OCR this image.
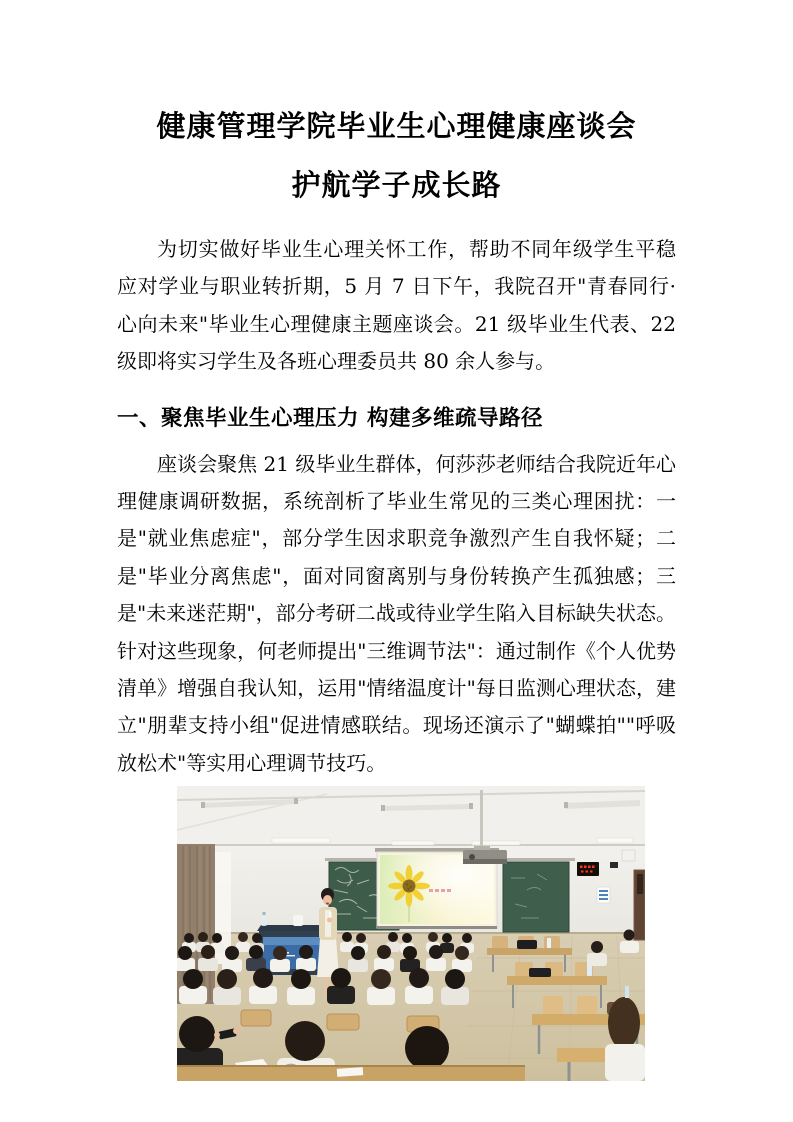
健康管理学院毕业生心理健康座谈会
护航学子成长路

为切实做好毕业生心理关怀工作，帮助不同年级学生平稳应对学业与职业转折期，5 月 7 日下午，我院召开"青春同行·心向未来"毕业生心理健康主题座谈会。21 级毕业生代表、22 级即将实习学生及各班心理委员共 80 余人参与。

一、聚焦毕业生心理压力 构建多维疏导路径

座谈会聚焦 21 级毕业生群体，何莎莎老师结合我院近年心理健康调研数据，系统剖析了毕业生常见的三类心理困扰：一是"就业焦虑症"，部分学生因求职竞争激烈产生自我怀疑；二是"毕业分离焦虑"，面对同窗离别与身份转换产生孤独感；三是"未来迷茫期"，部分考研二战或待业学生陷入目标缺失状态。针对这些现象，何老师提出"三维调节法"：通过制作《个人优势清单》增强自我认知，运用"情绪温度计"每日监测心理状态，建立"朋辈支持小组"促进情感联结。现场还演示了"蝴蝶拍""呼吸放松术"等实用心理调节技巧。
